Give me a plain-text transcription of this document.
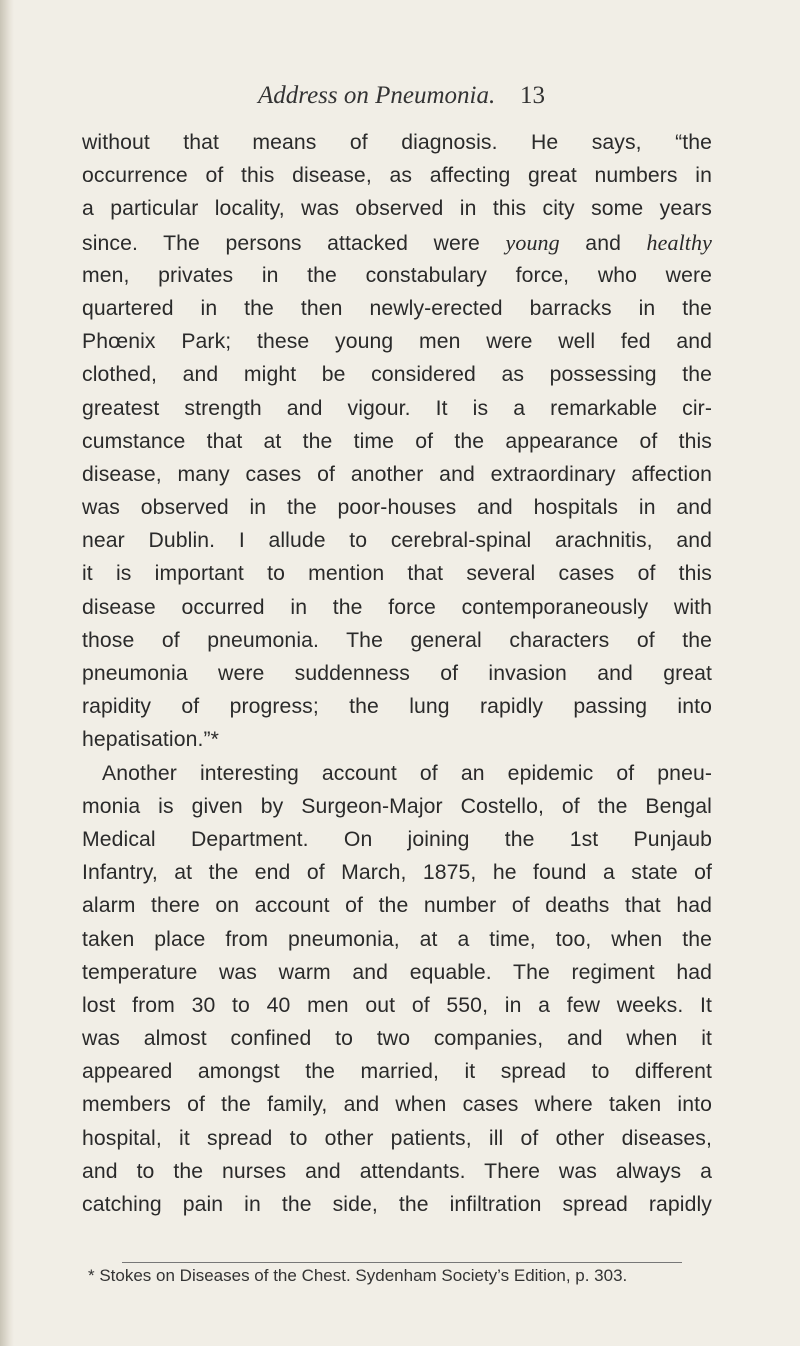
Address on Pneumonia. 13
without that means of diagnosis. He says, “the
occurrence of this disease, as affecting great numbers in
a particular locality, was observed in this city some years
since. The persons attacked were young and healthy
men, privates in the constabulary force, who were
quartered in the then newly-erected barracks in the
Phœnix Park; these young men were well fed and
clothed, and might be considered as possessing the
greatest strength and vigour. It is a remarkable cir-
cumstance that at the time of the appearance of this
disease, many cases of another and extraordinary affection
was observed in the poor-houses and hospitals in and
near Dublin. I allude to cerebral-spinal arachnitis, and
it is important to mention that several cases of this
disease occurred in the force contemporaneously with
those of pneumonia. The general characters of the
pneumonia were suddenness of invasion and great
rapidity of progress; the lung rapidly passing into
hepatisation.”*
Another interesting account of an epidemic of pneu-
monia is given by Surgeon-Major Costello, of the Bengal
Medical Department. On joining the 1st Punjaub
Infantry, at the end of March, 1875, he found a state of
alarm there on account of the number of deaths that had
taken place from pneumonia, at a time, too, when the
temperature was warm and equable. The regiment had
lost from 30 to 40 men out of 550, in a few weeks. It
was almost confined to two companies, and when it
appeared amongst the married, it spread to different
members of the family, and when cases where taken into
hospital, it spread to other patients, ill of other diseases,
and to the nurses and attendants. There was always a
catching pain in the side, the infiltration spread rapidly
* Stokes on Diseases of the Chest. Sydenham Society’s Edition, p. 303.
